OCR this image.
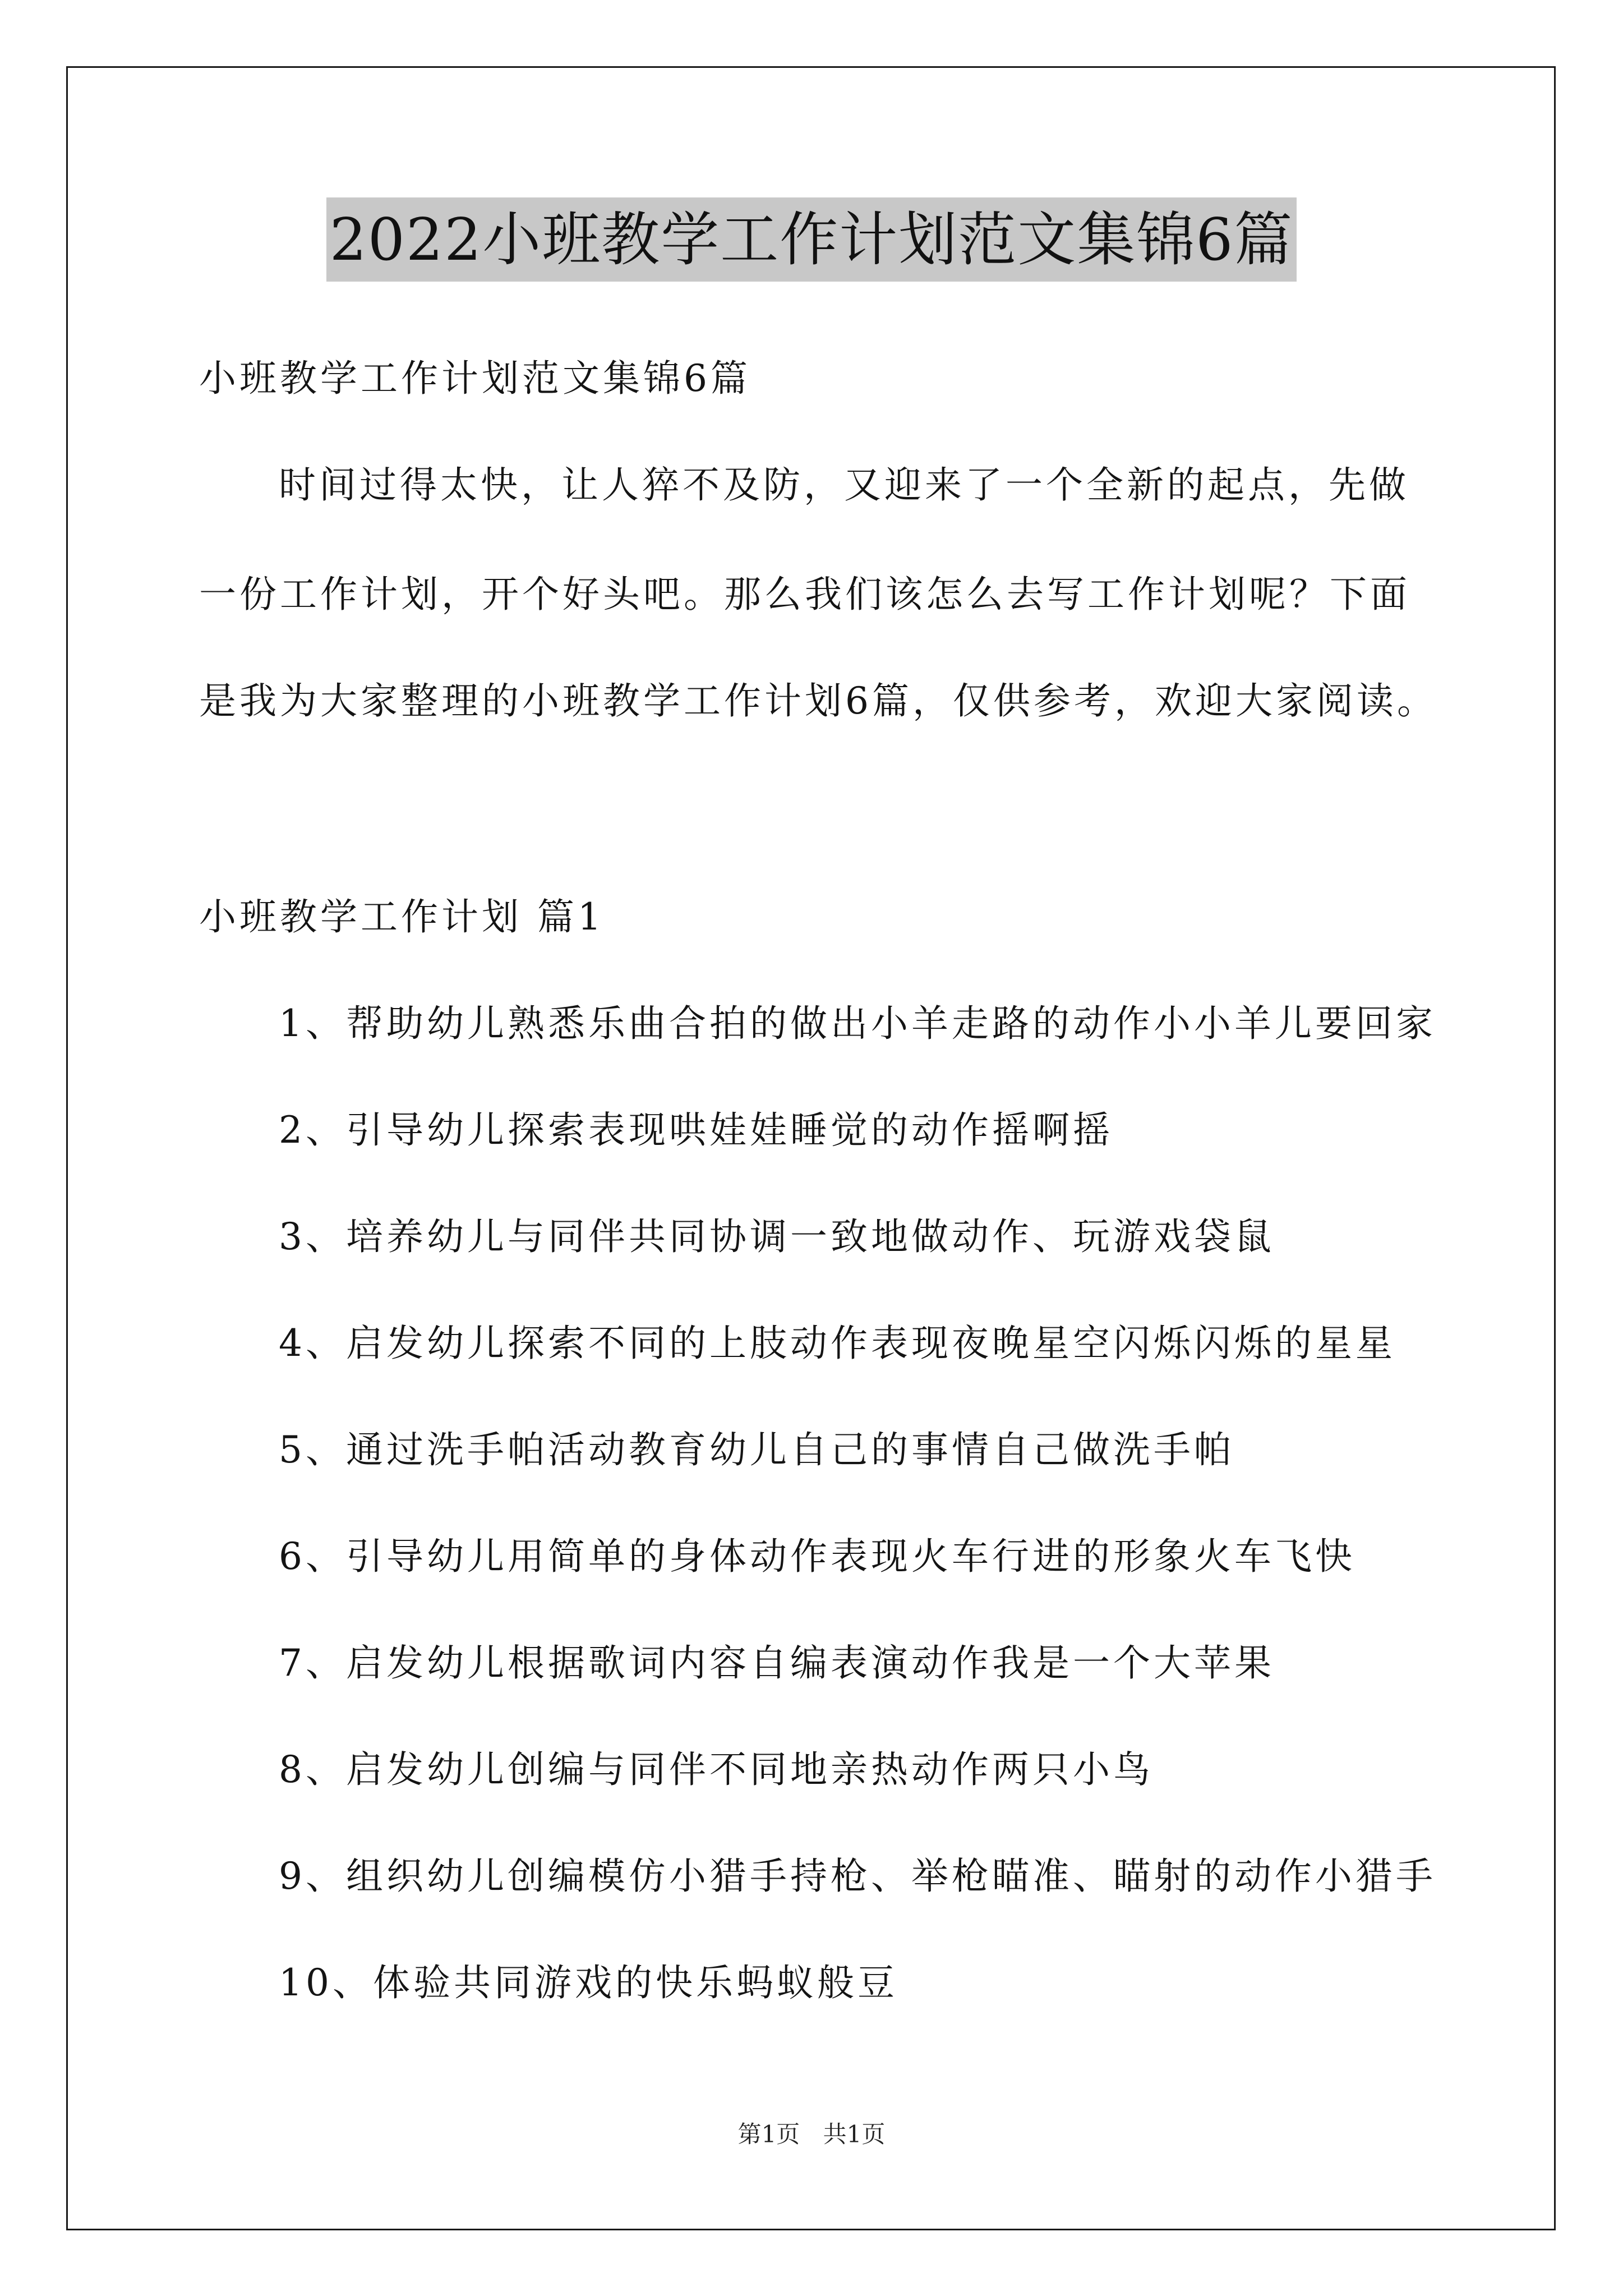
2022小班教学工作计划范文集锦6篇
小班教学工作计划范文集锦6篇
时间过得太快，让人猝不及防，又迎来了一个全新的起点，先做
一份工作计划，开个好头吧。那么我们该怎么去写工作计划呢？下面
是我为大家整理的小班教学工作计划6篇，仅供参考，欢迎大家阅读。
小班教学工作计划 篇1
1、帮助幼儿熟悉乐曲合拍的做出小羊走路的动作小小羊儿要回家
2、引导幼儿探索表现哄娃娃睡觉的动作摇啊摇
3、培养幼儿与同伴共同协调一致地做动作、玩游戏袋鼠
4、启发幼儿探索不同的上肢动作表现夜晚星空闪烁闪烁的星星
5、通过洗手帕活动教育幼儿自己的事情自己做洗手帕
6、引导幼儿用简单的身体动作表现火车行进的形象火车飞快
7、启发幼儿根据歌词内容自编表演动作我是一个大苹果
8、启发幼儿创编与同伴不同地亲热动作两只小鸟
9、组织幼儿创编模仿小猎手持枪、举枪瞄准、瞄射的动作小猎手
10、体验共同游戏的快乐蚂蚁般豆
第1页 共1页
